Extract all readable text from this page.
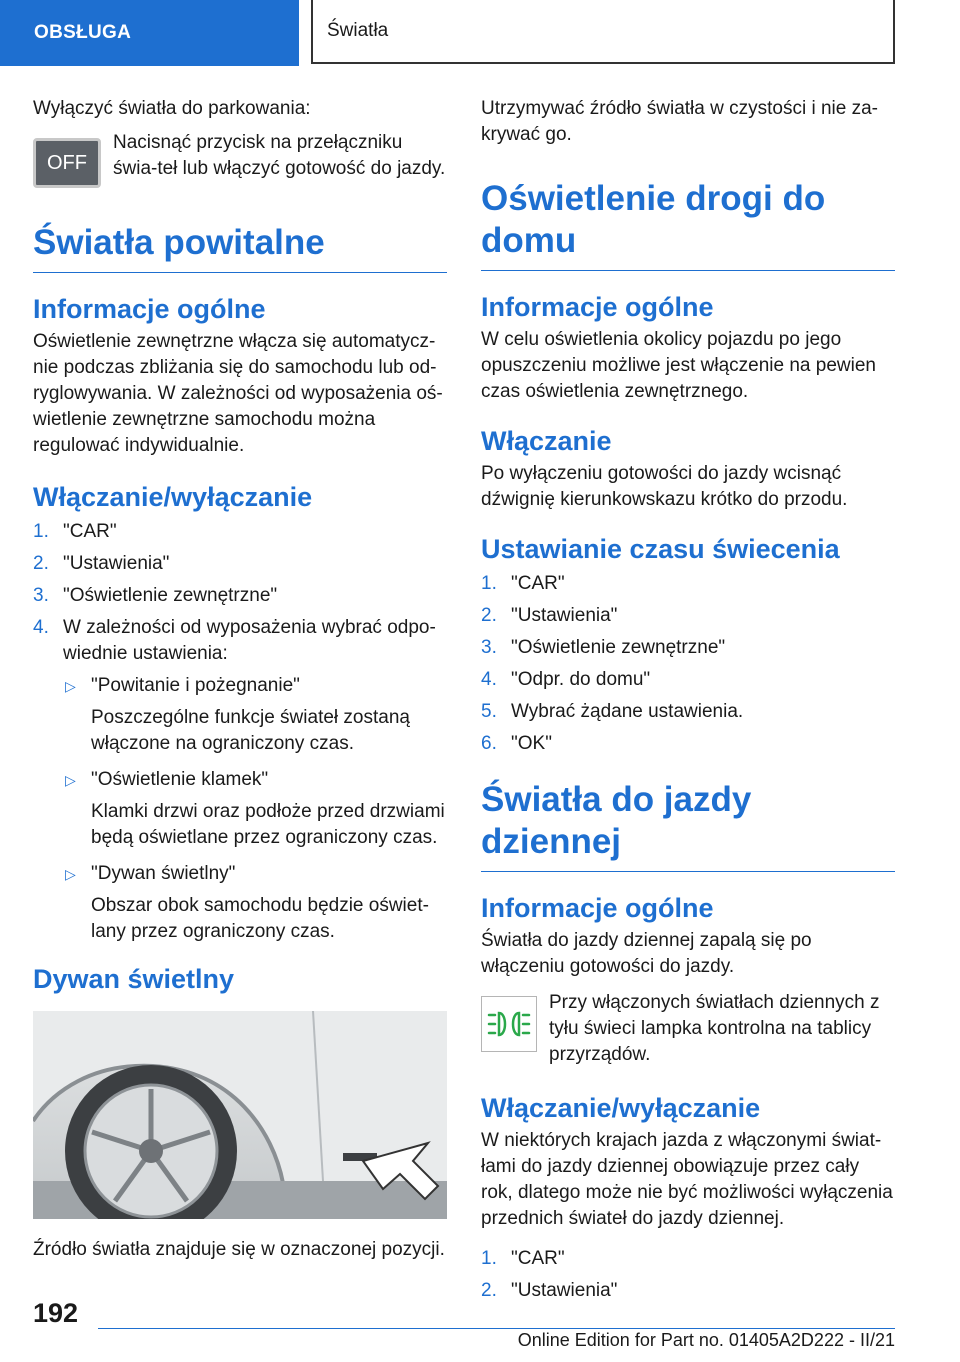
OBSŁUGA	Światła

Wyłączyć światła do parkowania:

OFF

Nacisnąć przycisk na przełączniku świa-teł lub włączyć gotowość do jazdy.

Światła powitalne
Informacje ogólne

Oświetlenie zewnętrzne włącza się automatycz-nie podczas zbliżania się do samochodu lub od-ryglowywania. W zależności od wyposażenia oś-wietlenie zewnętrzne samochodu można regulować indywidualnie.

Włączanie/wyłączanie
1. "CAR"
2. "Ustawienia"
3. "Oświetlenie zewnętrzne"
4. W zależności od wyposażenia wybrać odpo-wiednie ustawienia:
▷ "Powitanie i pożegnanie"
Poszczególne funkcje świateł zostaną włączone na ograniczony czas.
▷ "Oświetlenie klamek"
Klamki drzwi oraz podłoże przed drzwiami będą oświetlane przez ograniczony czas.
▷ "Dywan świetlny"
Obszar obok samochodu będzie oświet-lany przez ograniczony czas.
Dywan świetlny

Źródło światła znajduje się w oznaczonej pozycji.

Utrzymywać źródło światła w czystości i nie za-krywać go.

Oświetlenie drogi do domu
Informacje ogólne

W celu oświetlenia okolicy pojazdu po jego opuszczeniu możliwe jest włączenie na pewien czas oświetlenia zewnętrznego.

Włączanie

Po wyłączeniu gotowości do jazdy wcisnąć dźwignię kierunkowskazu krótko do przodu.

Ustawianie czasu świecenia
1. "CAR"
2. "Ustawienia"
3. "Oświetlenie zewnętrzne"
4. "Odpr. do domu"
5. Wybrać żądane ustawienia.
6. "OK"
Światła do jazdy dziennej
Informacje ogólne

Światła do jazdy dziennej zapalą się po włączeniu gotowości do jazdy.

Przy włączonych światłach dziennych z tyłu świeci lampka kontrolna na tablicy przyrządów.

Włączanie/wyłączanie

W niektórych krajach jazda z włączonymi świat-łami do jazdy dziennej obowiązuje przez cały rok, dlatego może nie być możliwości wyłączenia przednich świateł do jazdy dziennej.

1. "CAR"
2. "Ustawienia"
192
Online Edition for Part no. 01405A2D222 - II/21
